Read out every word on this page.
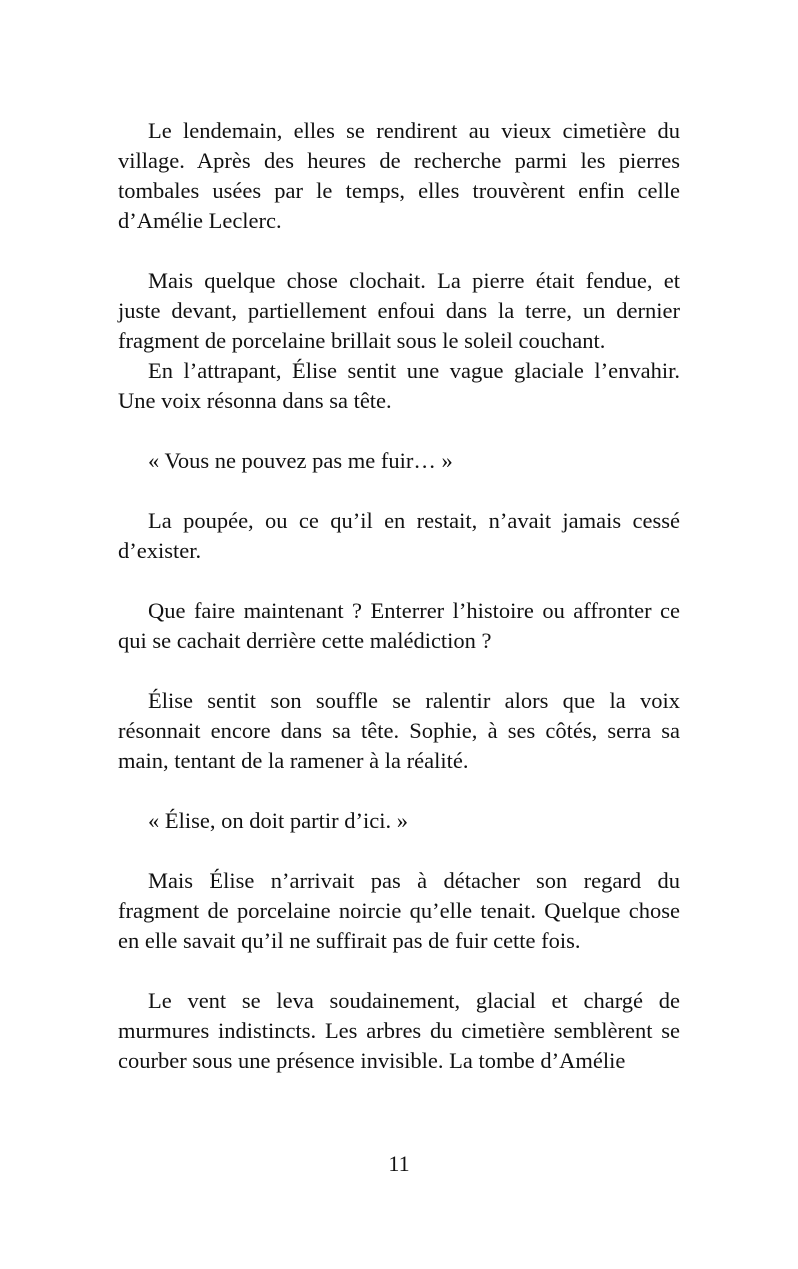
Le lendemain, elles se rendirent au vieux cimetière du village. Après des heures de recherche parmi les pierres tombales usées par le temps, elles trouvèrent enfin celle d’Amélie Leclerc.

Mais quelque chose clochait. La pierre était fendue, et juste devant, partiellement enfoui dans la terre, un dernier fragment de porcelaine brillait sous le soleil couchant.

En l’attrapant, Élise sentit une vague glaciale l’envahir. Une voix résonna dans sa tête.

« Vous ne pouvez pas me fuir… »

La poupée, ou ce qu’il en restait, n’avait jamais cessé d’exister.

Que faire maintenant ? Enterrer l’histoire ou affronter ce qui se cachait derrière cette malédiction ?

Élise sentit son souffle se ralentir alors que la voix résonnait encore dans sa tête. Sophie, à ses côtés, serra sa main, tentant de la ramener à la réalité.

« Élise, on doit partir d’ici. »

Mais Élise n’arrivait pas à détacher son regard du fragment de porcelaine noircie qu’elle tenait. Quelque chose en elle savait qu’il ne suffirait pas de fuir cette fois.

Le vent se leva soudainement, glacial et chargé de murmures indistincts. Les arbres du cimetière semblèrent se courber sous une présence invisible. La tombe d’Amélie

11
